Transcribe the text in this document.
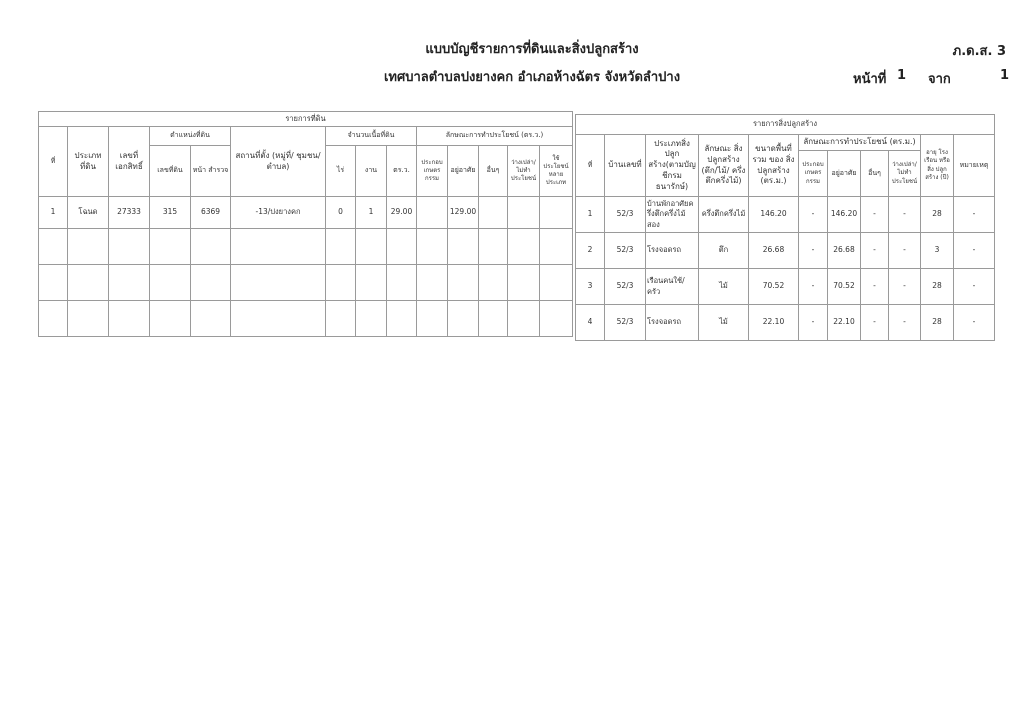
แบบบัญชีรายการที่ดินและสิ่งปลูกสร้าง	ภ.ด.ส. 3
เทศบาลตำบลปงยางคก อำเภอห้างฉัตร จังหวัดลำปาง	หน้าที่ 1 จาก	1
รายการที่ดิน													
ที่	ประเภท ที่ดิน	เลขที่ เอกสิทธิ์	ตำแหน่งที่ดิน		สถานที่ตั้ง (หมู่ที่/ ชุมชน/ ตำบล)	จำนวนเนื้อที่ดิน			ลักษณะการทำประโยชน์ (ตร.ว.)				
			เลขที่ดิน	หน้า สำรวจ		ไร่	งาน	ตร.ว.	ประกอบ เกษตร กรรม	อยู่อาศัย	อื่นๆ	ว่างเปล่า/ ไม่ทำ ประโยชน์	ใช้ประโยชน์ หลาย ประเภท
1	โฉนด	27333	315	6369	-13/ปงยางคก	0	1	29.00		129.00			

รายการสิ่งปลูกสร้าง										
ที่	บ้านเลขที่	ประเภทสิ่งปลูก สร้าง(ตามบัญ ชีกรมธนารักษ์)	ลักษณะ สิ่งปลูกสร้าง (ตึก/ไม้/ ครึ่งตึกครึ่งไม้)	ขนาดพื้นที่รวม ของ สิ่งปลูกสร้าง (ตร.ม.)	ลักษณะการทำประโยชน์ (ตร.ม.)				อายุ โรงเรือน หรือสิ่ง ปลูกสร้าง (ปี)	หมายเหตุ
					ประกอบ เกษตร กรรม	อยู่อาศัย	อื่นๆ	ว่างเปล่า/ ไม่ทำ ประโยชน์		
1	52/3	บ้านพักอาศัยค รึ่งตึกครึ่งไม้สอง	ครึ่งตึกครึ่งไม้	146.20	-	146.20	-	-	28	-
2	52/3	โรงจอดรถ	ตึก	26.68	-	26.68	-	-	3	-
3	52/3	เรือนคนใช้/ครัว	ไม้	70.52	-	70.52	-	-	28	-
4	52/3	โรงจอดรถ	ไม้	22.10	-	22.10	-	-	28	-
